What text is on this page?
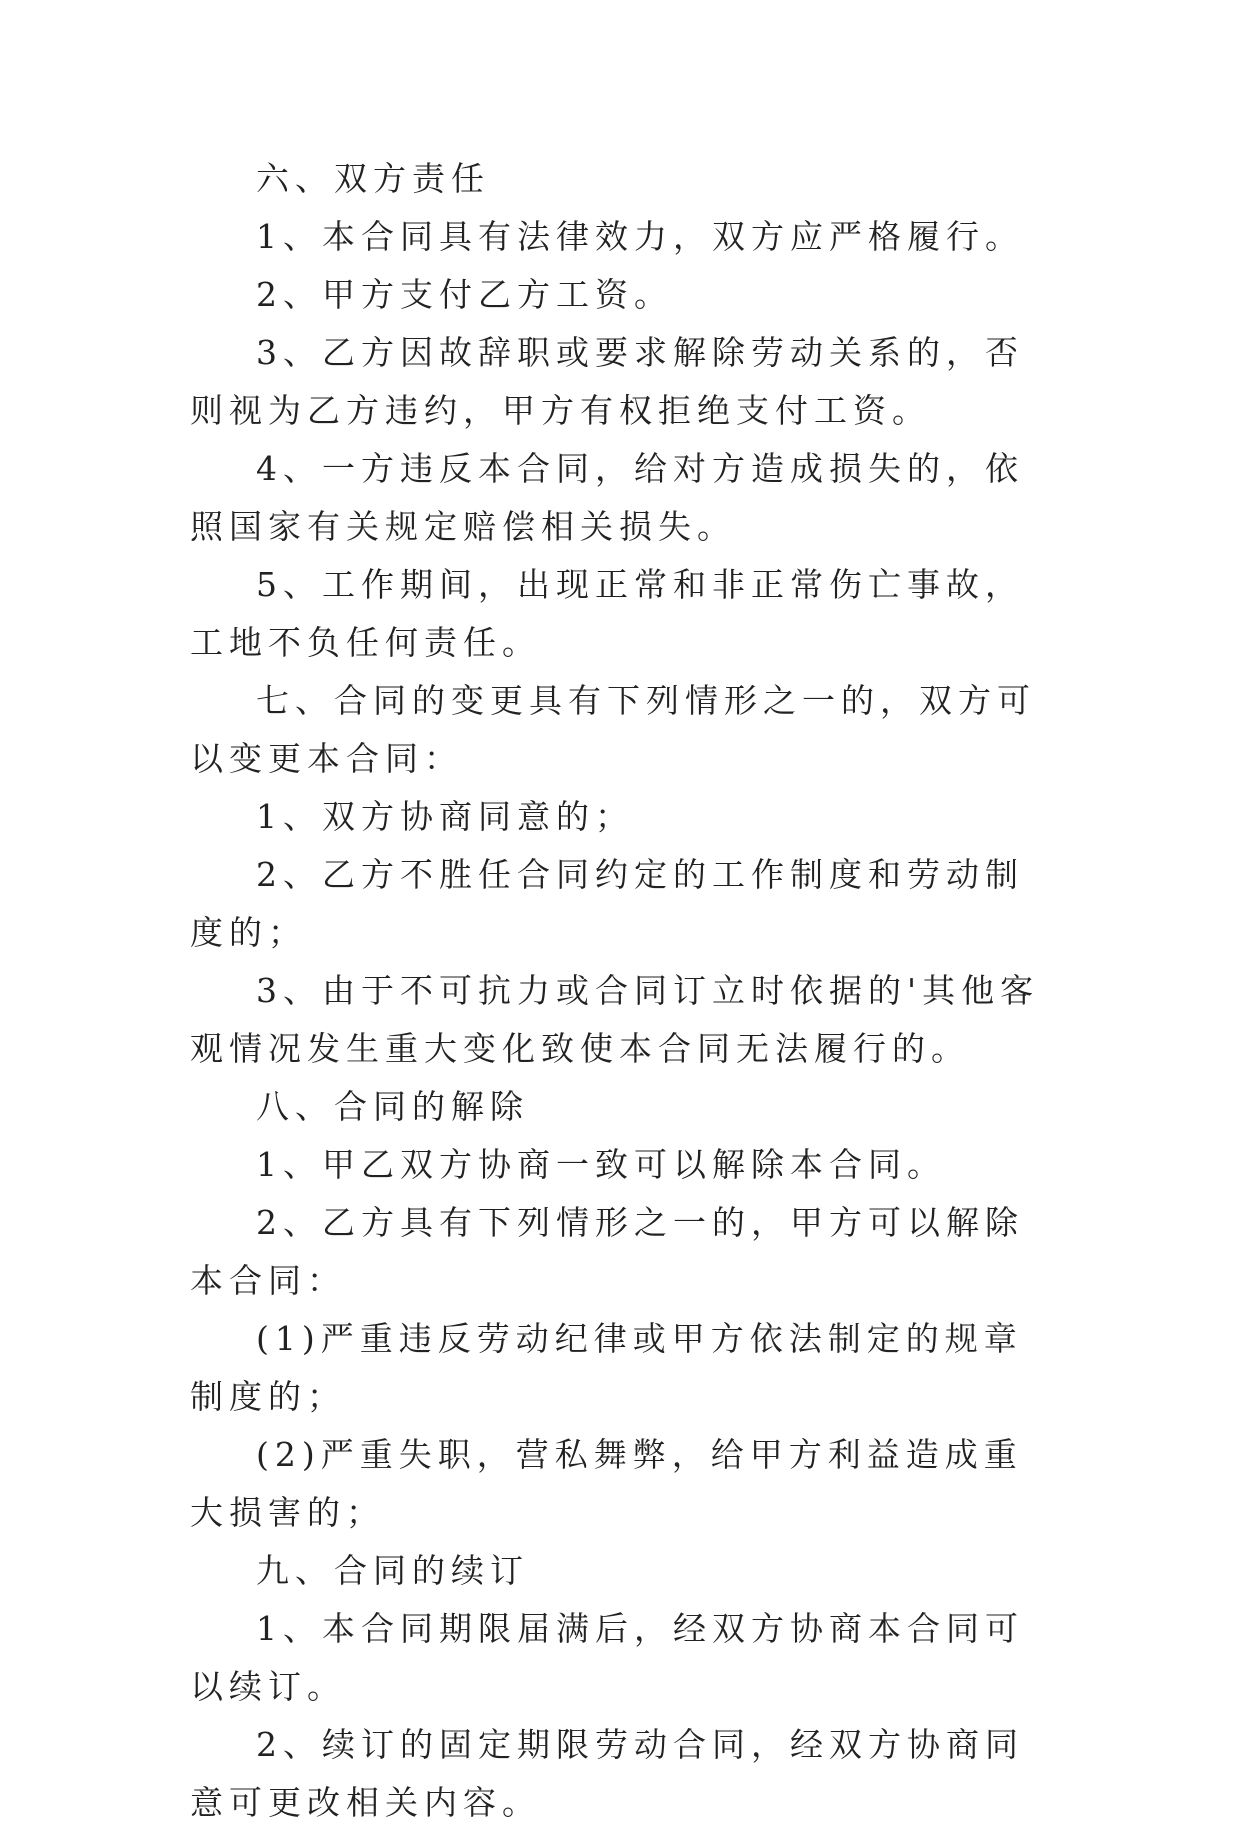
六、双方责任

1、本合同具有法律效力，双方应严格履行。

2、甲方支付乙方工资。

3、乙方因故辞职或要求解除劳动关系的，否则视为乙方违约，甲方有权拒绝支付工资。

4、一方违反本合同，给对方造成损失的，依照国家有关规定赔偿相关损失。

5、工作期间，出现正常和非正常伤亡事故，工地不负任何责任。

七、合同的变更具有下列情形之一的，双方可以变更本合同：

1、双方协商同意的；

2、乙方不胜任合同约定的工作制度和劳动制度的；

3、由于不可抗力或合同订立时依据的'其他客观情况发生重大变化致使本合同无法履行的。

八、合同的解除

1、甲乙双方协商一致可以解除本合同。

2、乙方具有下列情形之一的，甲方可以解除本合同：

(1)严重违反劳动纪律或甲方依法制定的规章制度的；

(2)严重失职，营私舞弊，给甲方利益造成重大损害的；

九、合同的续订

1、本合同期限届满后，经双方协商本合同可以续订。

2、续订的固定期限劳动合同，经双方协商同意可更改相关内容。
